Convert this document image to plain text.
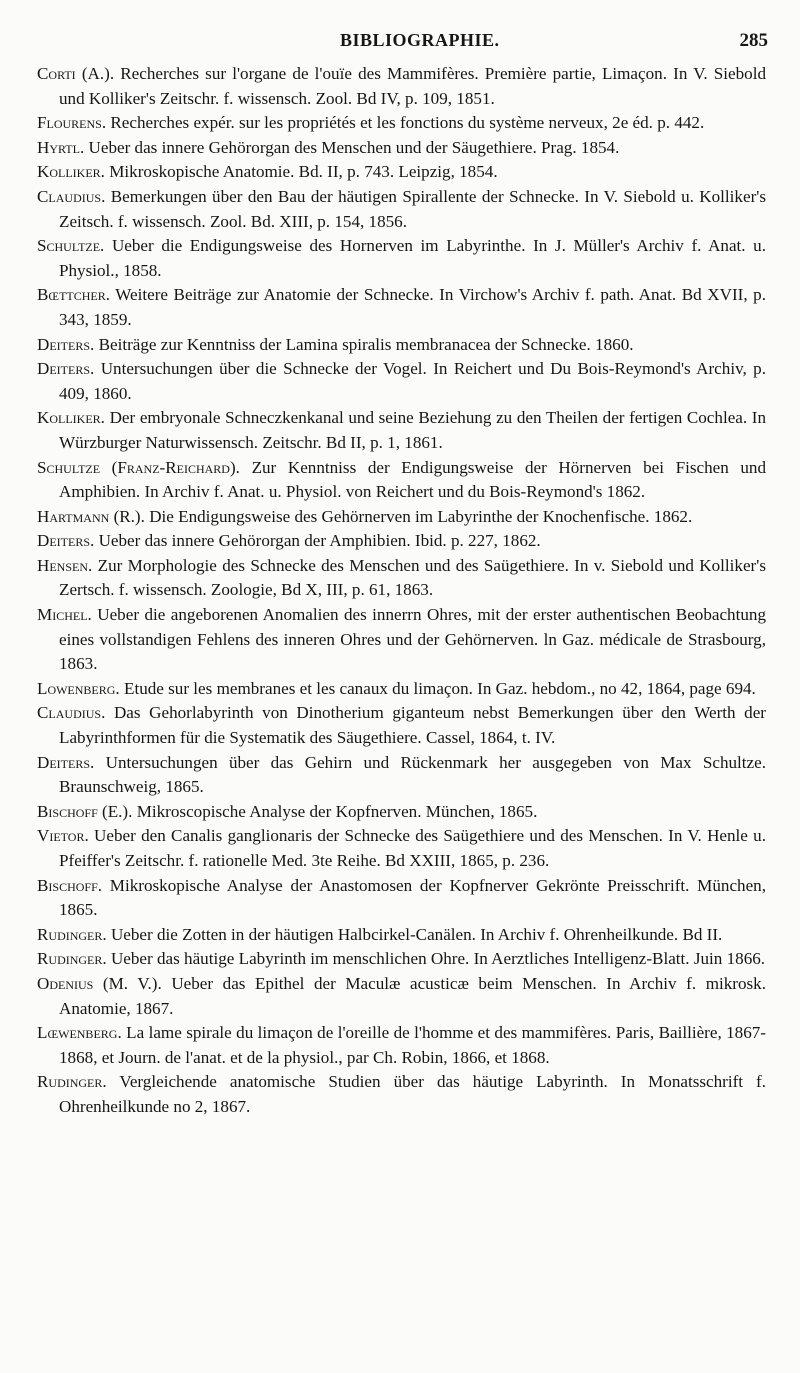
BIBLIOGRAPHIE.	285
Corti (A.). Recherches sur l'organe de l'ouïe des Mammifères. Première partie, Limaçon. In V. Siebold und Kolliker's Zeitschr. f. wissensch. Zool. Bd IV, p. 109, 1851.
Flourens. Recherches expér. sur les propriétés et les fonctions du système nerveux, 2e éd. p. 442.
Hyrtl. Ueber das innere Gehörorgan des Menschen und der Säugethiere. Prag. 1854.
Kolliker. Mikroskopische Anatomie. Bd. II, p. 743. Leipzig, 1854.
Claudius. Bemerkungen über den Bau der häutigen Spirallente der Schnecke. In V. Siebold u. Kolliker's Zeitsch. f. wissensch. Zool. Bd. XIII, p. 154, 1856.
Schultze. Ueber die Endigungsweise des Hornerven im Labyrinthe. In J. Müller's Archiv f. Anat. u. Physiol., 1858.
Bœttcher. Weitere Beiträge zur Anatomie der Schnecke. In Virchow's Archiv f. path. Anat. Bd XVII, p. 343, 1859.
Deiters. Beiträge zur Kenntniss der Lamina spiralis membranacea der Schnecke. 1860.
Deiters. Untersuchungen über die Schnecke der Vogel. In Reichert und Du Bois-Reymond's Archiv, p. 409, 1860.
Kolliker. Der embryonale Schneczkenkanal und seine Beziehung zu den Theilen der fertigen Cochlea. In Würzburger Naturwissensch. Zeitschr. Bd II, p. 1, 1861.
Schultze (Franz-Reichard). Zur Kenntniss der Endigungsweise der Hörnerven bei Fischen und Amphibien. In Archiv f. Anat. u. Physiol. von Reichert und du Bois-Reymond's 1862.
Hartmann (R.). Die Endigungsweise des Gehörnerven im Labyrinthe der Knochenfische. 1862.
Deiters. Ueber das innere Gehörorgan der Amphibien. Ibid. p. 227, 1862.
Hensen. Zur Morphologie des Schnecke des Menschen und des Saügethiere. In v. Siebold und Kolliker's Zertsch. f. wissensch. Zoologie, Bd X, III, p. 61, 1863.
Michel. Ueber die angeborenen Anomalien des innerrn Ohres, mit der erster authentischen Beobachtung eines vollstandigen Fehlens des inneren Ohres und der Gehörnerven. ln Gaz. médicale de Strasbourg, 1863.
Lowenberg. Etude sur les membranes et les canaux du limaçon. In Gaz. hebdom., no 42, 1864, page 694.
Claudius. Das Gehorlabyrinth von Dinotherium giganteum nebst Bemerkungen über den Werth der Labyrinthformen für die Systematik des Säugethiere. Cassel, 1864, t. IV.
Deiters. Untersuchungen über das Gehirn und Rückenmark her ausgegeben von Max Schultze. Braunschweig, 1865.
Bischoff (E.). Mikroscopische Analyse der Kopfnerven. München, 1865.
Vietor. Ueber den Canalis ganglionaris der Schnecke des Saügethiere und des Menschen. In V. Henle u. Pfeiffer's Zeitschr. f. rationelle Med. 3te Reihe. Bd XXIII, 1865, p. 236.
Bischoff. Mikroskopische Analyse der Anastomosen der Kopfnerver Gekrönte Preisschrift. München, 1865.
Rudinger. Ueber die Zotten in der häutigen Halbcirkel-Canälen. In Archiv f. Ohrenheilkunde. Bd II.
Rudinger. Ueber das häutige Labyrinth im menschlichen Ohre. In Aerztliches Intelligenz-Blatt. Juin 1866.
Odenius (M. V.). Ueber das Epithel der Maculæ acusticæ beim Menschen. In Archiv f. mikrosk. Anatomie, 1867.
Lœwenberg. La lame spirale du limaçon de l'oreille de l'homme et des mammifères. Paris, Baillière, 1867-1868, et Journ. de l'anat. et de la physiol., par Ch. Robin, 1866, et 1868.
Rudinger. Vergleichende anatomische Studien über das häutige Labyrinth. In Monatsschrift f. Ohrenheilkunde no 2, 1867.
